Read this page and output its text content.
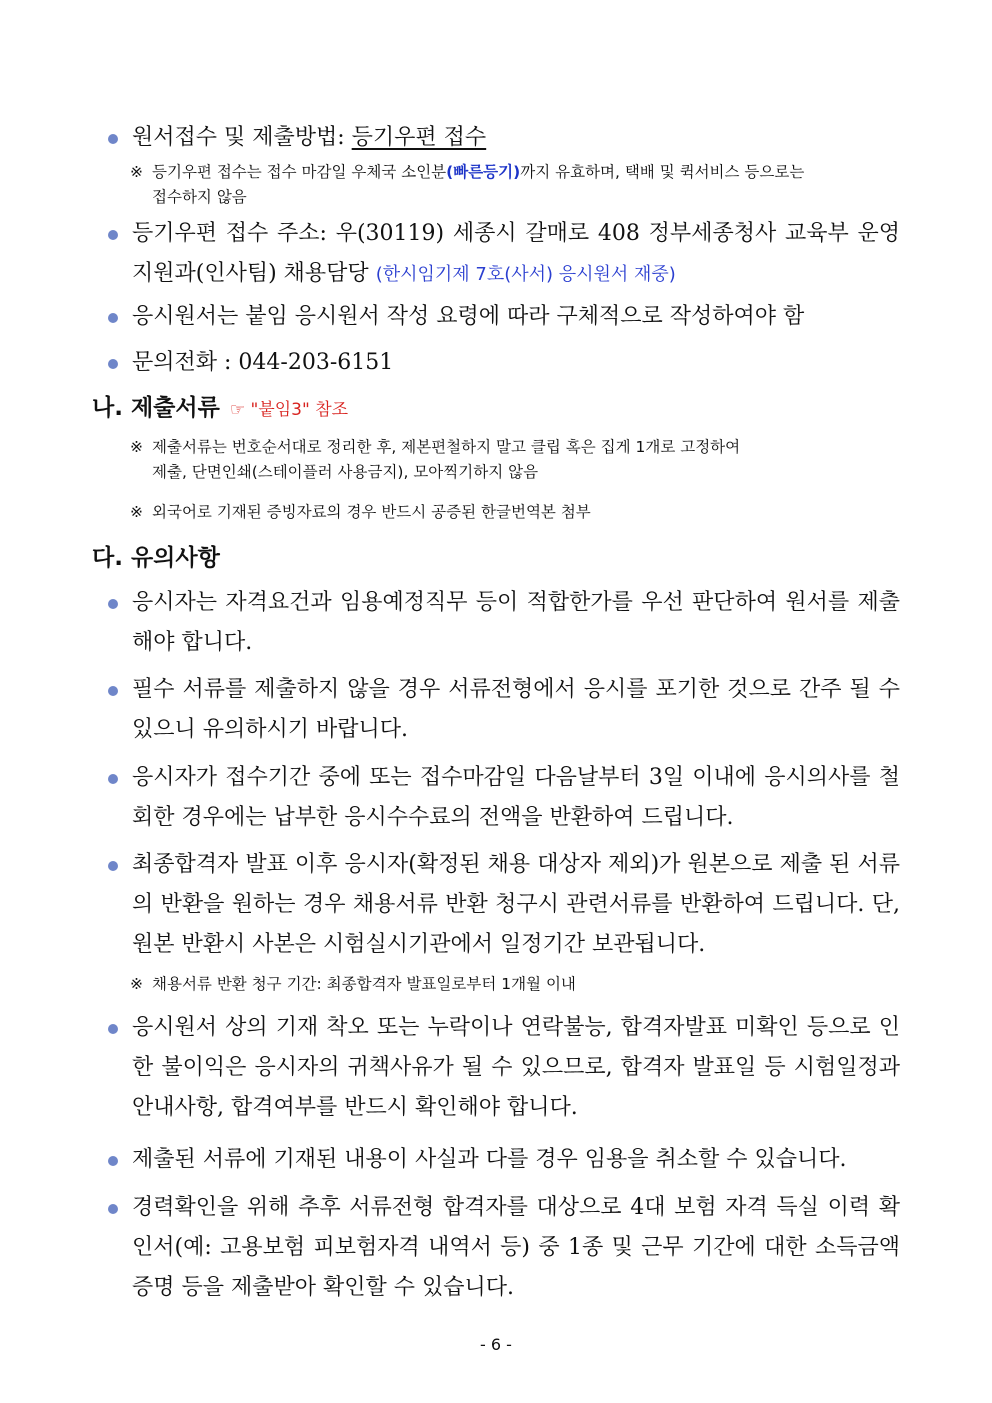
원서접수 및 제출방법: 등기우편 접수
※ 등기우편 접수는 접수 마감일 우체국 소인분(빠른등기)까지 유효하며, 택배 및 퀵서비스 등으로는
접수하지 않음
등기우편 접수 주소: 우(30119) 세종시 갈매로 408 정부세종청사 교육부 운영지원과(인사팀) 채용담당 (한시임기제 7호(사서) 응시원서 재중)
응시원서는 붙임 응시원서 작성 요령에 따라 구체적으로 작성하여야 함
문의전화 : 044-203-6151
나. 제출서류 ☞ "붙임3" 참조
※ 제출서류는 번호순서대로 정리한 후, 제본편철하지 말고 클립 혹은 집게 1개로 고정하여
제출, 단면인쇄(스테이플러 사용금지), 모아찍기하지 않음
※ 외국어로 기재된 증빙자료의 경우 반드시 공증된 한글번역본 첨부
다. 유의사항
응시자는 자격요건과 임용예정직무 등이 적합한가를 우선 판단하여 원서를 제출해야 합니다.
필수 서류를 제출하지 않을 경우 서류전형에서 응시를 포기한 것으로 간주 될 수 있으니 유의하시기 바랍니다.
응시자가 접수기간 중에 또는 접수마감일 다음날부터 3일 이내에 응시의사를 철회한 경우에는 납부한 응시수수료의 전액을 반환하여 드립니다.
최종합격자 발표 이후 응시자(확정된 채용 대상자 제외)가 원본으로 제출 된 서류의 반환을 원하는 경우 채용서류 반환 청구시 관련서류를 반환하여 드립니다. 단, 원본 반환시 사본은 시험실시기관에서 일정기간 보관됩니다.
※ 채용서류 반환 청구 기간: 최종합격자 발표일로부터 1개월 이내
응시원서 상의 기재 착오 또는 누락이나 연락불능, 합격자발표 미확인 등으로 인한 불이익은 응시자의 귀책사유가 될 수 있으므로, 합격자 발표일 등 시험일정과 안내사항, 합격여부를 반드시 확인해야 합니다.
제출된 서류에 기재된 내용이 사실과 다를 경우 임용을 취소할 수 있습니다.
경력확인을 위해 추후 서류전형 합격자를 대상으로 4대 보험 자격 득실 이력 확인서(예: 고용보험 피보험자격 내역서 등) 중 1종 및 근무 기간에 대한 소득금액증명 등을 제출받아 확인할 수 있습니다.
- 6 -
